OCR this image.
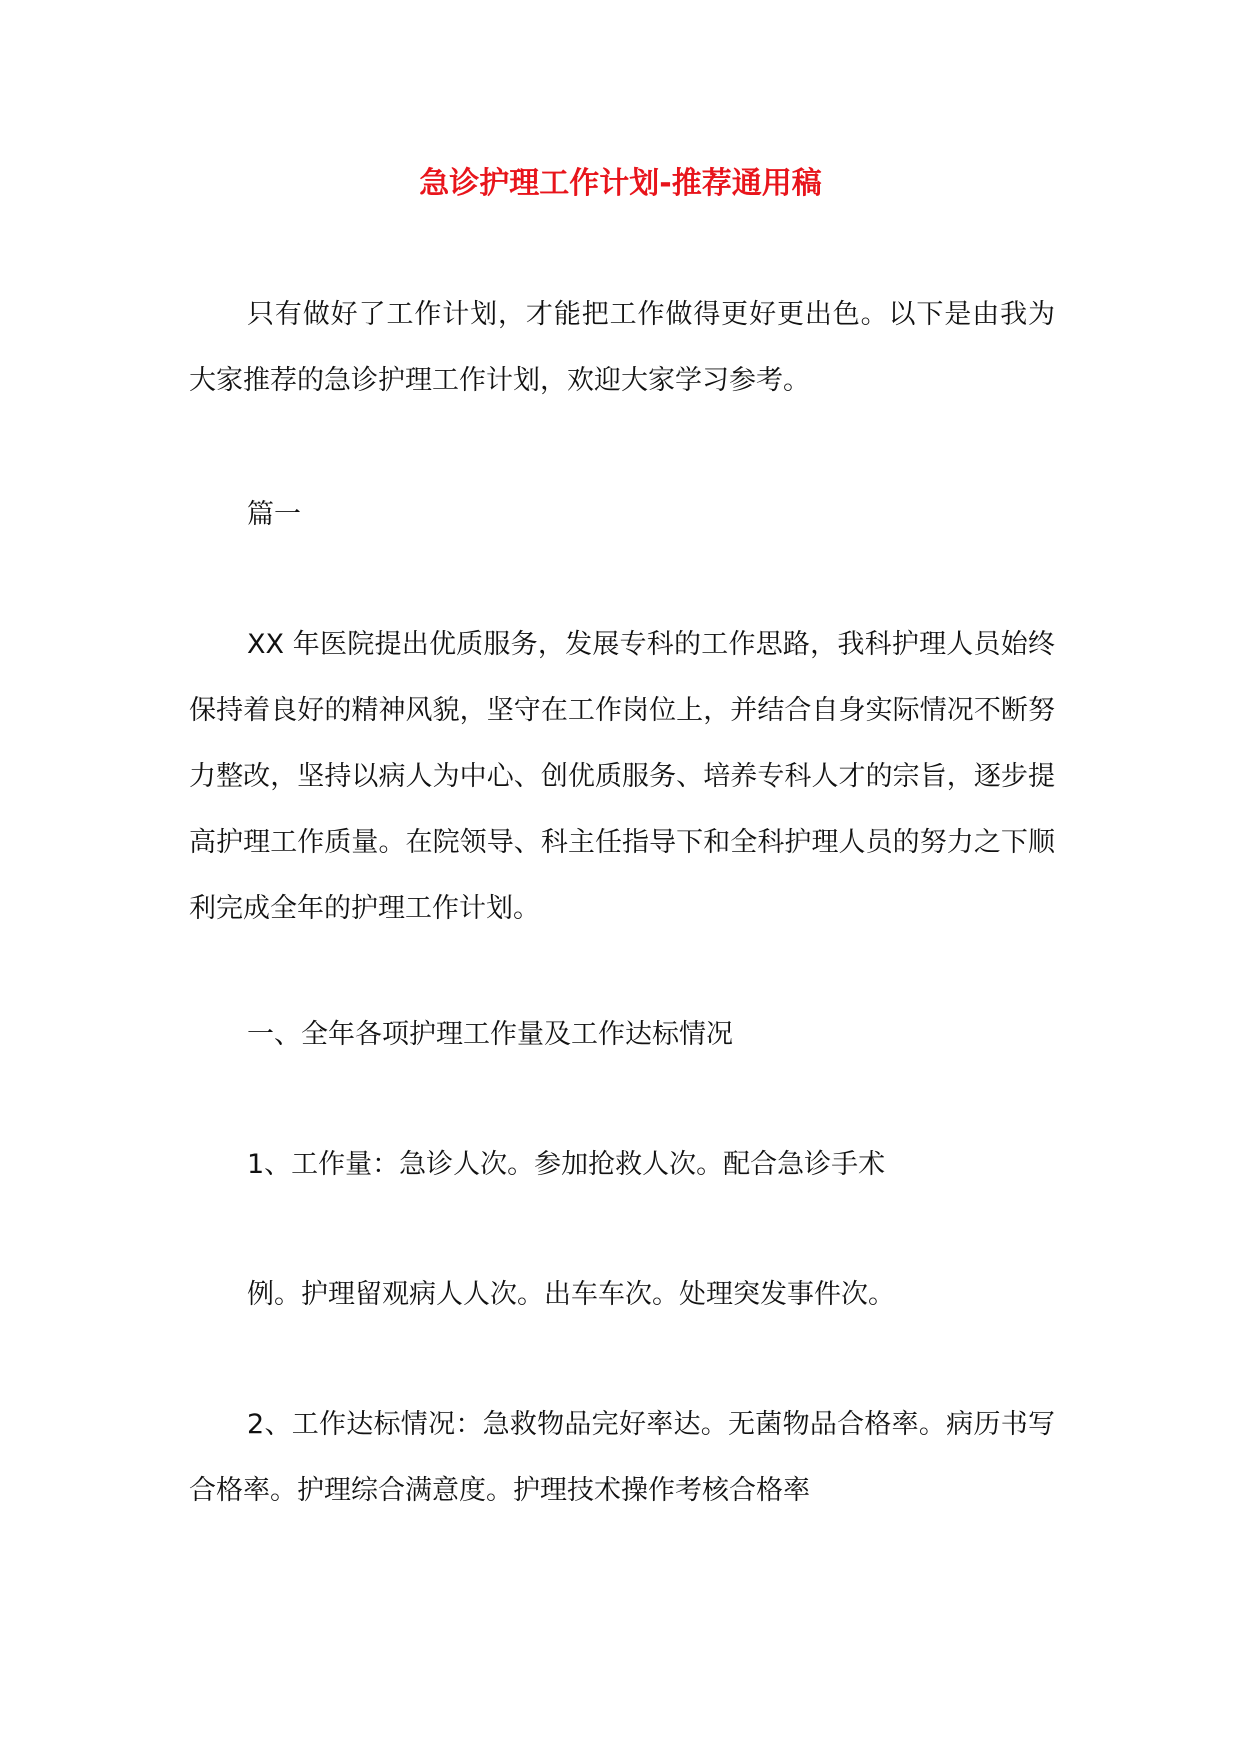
急诊护理工作计划-推荐通用稿

只有做好了工作计划，才能把工作做得更好更出色。以下是由我为大家推荐的急诊护理工作计划，欢迎大家学习参考。

篇一

XX 年医院提出优质服务，发展专科的工作思路，我科护理人员始终保持着良好的精神风貌，坚守在工作岗位上，并结合自身实际情况不断努力整改，坚持以病人为中心、创优质服务、培养专科人才的宗旨，逐步提高护理工作质量。在院领导、科主任指导下和全科护理人员的努力之下顺利完成全年的护理工作计划。

一、全年各项护理工作量及工作达标情况

1、工作量：急诊人次。参加抢救人次。配合急诊手术

例。护理留观病人人次。出车车次。处理突发事件次。

2、工作达标情况：急救物品完好率达。无菌物品合格率。病历书写合格率。护理综合满意度。护理技术操作考核合格率
